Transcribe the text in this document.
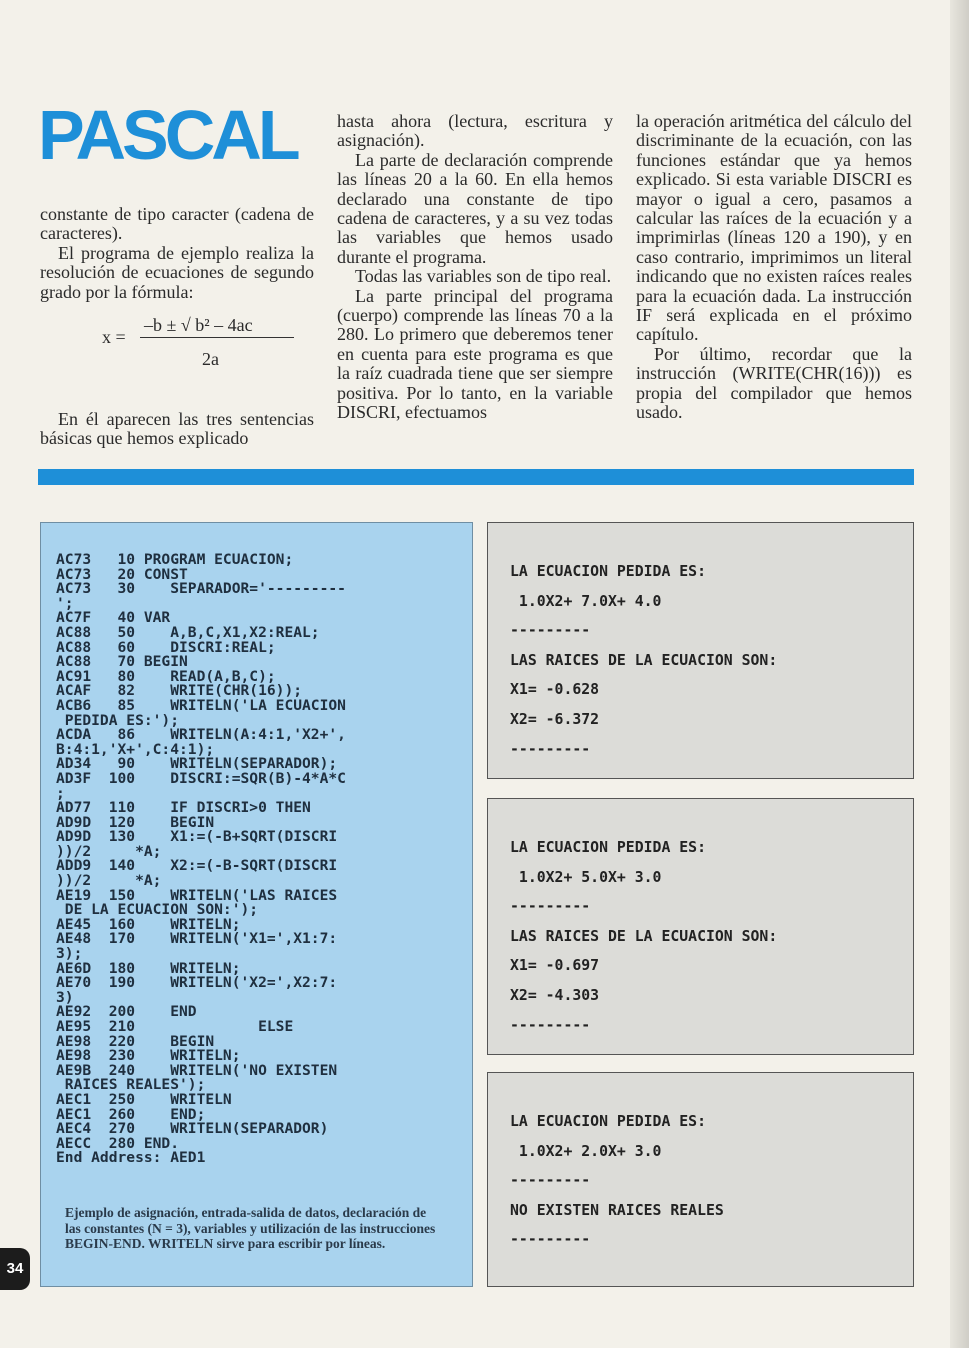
PASCAL

constante de tipo caracter (cadena de caracteres).

El programa de ejemplo realiza la resolución de ecuaciones de segundo grado por la fórmula:

x =
–b ± √ b² – 4ac
2a

En él aparecen las tres sentencias básicas que hemos explicado

hasta ahora (lectura, escritura y asignación).

La parte de declaración comprende las líneas 20 a la 60. En ella hemos declarado una constante de tipo cadena de caracteres, y a su vez todas las variables que hemos usado durante el programa.

Todas las variables son de tipo real.

La parte principal del programa (cuerpo) comprende las líneas 70 a la 280. Lo primero que deberemos tener en cuenta para este programa es que la raíz cuadrada tiene que ser siempre positiva. Por lo tanto, en la variable DISCRI, efectuamos

la operación aritmética del cálculo del discriminante de la ecuación, con las funciones estándar que ya hemos explicado. Si esta variable DISCRI es mayor o igual a cero, pasamos a calcular las raíces de la ecuación y a imprimirlas (líneas 120 a 190), y en caso contrario, imprimimos un literal indicando que no existen raíces reales para la ecuación dada. La instrucción IF será explicada en el próximo capítulo.

Por último, recordar que la instrucción (WRITE(CHR(16))) es propia del compilador que hemos usado.

AC73   10 PROGRAM ECUACION;
AC73   20 CONST
AC73   30    SEPARADOR='---------
';
AC7F   40 VAR
AC88   50    A,B,C,X1,X2:REAL;
AC88   60    DISCRI:REAL;
AC88   70 BEGIN
AC91   80    READ(A,B,C);
ACAF   82    WRITE(CHR(16));
ACB6   85    WRITELN('LA ECUACION
PEDIDA ES:');
ACDA   86    WRITELN(A:4:1,'X2+',
B:4:1,'X+',C:4:1);
AD34   90    WRITELN(SEPARADOR);
AD3F  100    DISCRI:=SQR(B)-4*A*C
;
AD77  110    IF DISCRI>0 THEN
AD9D  120    BEGIN
AD9D  130    X1:=(-B+SQRT(DISCRI
))/2     *A;
ADD9  140    X2:=(-B-SQRT(DISCRI
))/2     *A;
AE19  150    WRITELN('LAS RAICES
DE LA ECUACION SON:');
AE45  160    WRITELN;
AE48  170    WRITELN('X1=',X1:7:
3);
AE6D  180    WRITELN;
AE70  190    WRITELN('X2=',X2:7:
3)
AE92  200    END
AE95  210              ELSE
AE98  220    BEGIN
AE98  230    WRITELN;
AE9B  240    WRITELN('NO EXISTEN
RAICES REALES');
AEC1  250    WRITELN
AEC1  260    END;
AEC4  270    WRITELN(SEPARADOR)
AECC  280 END.
End Address: AED1
Ejemplo de asignación, entrada-salida de datos, declaración de las constantes (N = 3), variables y utilización de las instrucciones BEGIN-END. WRITELN sirve para escribir por líneas.
LA ECUACION PEDIDA ES:

1.0X2+ 7.0X+ 4.0

---------

LAS RAICES DE LA ECUACION SON:

X1= -0.628

X2= -6.372

---------
LA ECUACION PEDIDA ES:

1.0X2+ 5.0X+ 3.0

---------

LAS RAICES DE LA ECUACION SON:

X1= -0.697

X2= -4.303

---------
LA ECUACION PEDIDA ES:

1.0X2+ 2.0X+ 3.0

---------

NO EXISTEN RAICES REALES

---------
34
